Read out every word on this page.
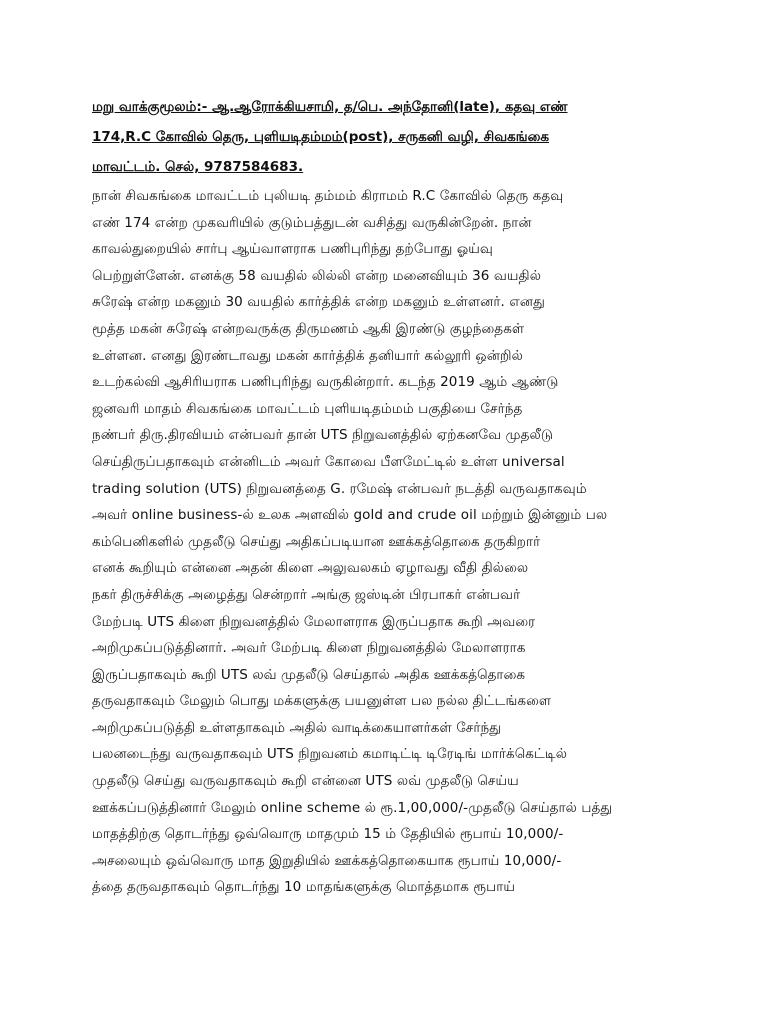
மறு வாக்குமூலம்:- ஆ.ஆரோக்கியசாமி, த/பெ. அந்தோனி(late), கதவு எண்
174,R.C கோவில் தெரு, புளியடிதம்மம்(post), சருகனி வழி, சிவகங்கை
மாவட்டம். செல், 9787584683.
நான் சிவகங்கை மாவட்டம் புலியடி தம்மம் கிராமம் R.C கோவில் தெரு கதவு
எண் 174 என்ற முகவரியில் குடும்பத்துடன் வசித்து வருகின்றேன். நான்
காவல்துறையில் சார்பு ஆய்வாளராக பணிபுரிந்து தற்போது ஓய்வு
பெற்றுள்ளேன். எனக்கு 58 வயதில் லில்லி என்ற மனைவியும் 36 வயதில்
சுரேஷ் என்ற மகனும் 30 வயதில் கார்த்திக் என்ற மகனும் உள்ளனர். எனது
மூத்த மகன் சுரேஷ் என்றவருக்கு திருமணம் ஆகி இரண்டு குழந்தைகள்
உள்ளன. எனது இரண்டாவது மகன் கார்த்திக் தனியார் கல்லூரி ஒன்றில்
உடற்கல்வி ஆசிரியராக பணிபுரிந்து வருகின்றார். கடந்த 2019 ஆம் ஆண்டு
ஜனவரி மாதம் சிவகங்கை மாவட்டம் புளியடிதம்மம் பகுதியை சேர்ந்த
நண்பர் திரு.திரவியம் என்பவர் தான் UTS நிறுவனத்தில் ஏற்கனவே முதலீடு
செய்திருப்பதாகவும் என்னிடம் அவர் கோவை பீளமேட்டில் உள்ள universal
trading solution (UTS) நிறுவனத்தை G. ரமேஷ் என்பவர் நடத்தி வருவதாகவும்
அவர் online business-ல் உலக அளவில் gold and crude oil மற்றும் இன்னும் பல
கம்பெனிகளில் முதலீடு செய்து அதிகப்படியான ஊக்கத்தொகை தருகிறார்
எனக் கூறியும் என்னை அதன் கிளை அலுவலகம் ஏழாவது வீதி தில்லை
நகர் திருச்சிக்கு அழைத்து சென்றார் அங்கு ஜஸ்டின் பிரபாகர் என்பவர்
மேற்படி UTS கிளை நிறுவனத்தில் மேலாளராக இருப்பதாக கூறி அவரை
அறிமுகப்படுத்தினார். அவர் மேற்படி கிளை நிறுவனத்தில் மேலாளராக
இருப்பதாகவும் கூறி UTS லவ் முதலீடு செய்தால் அதிக ஊக்கத்தொகை
தருவதாகவும் மேலும் பொது மக்களுக்கு பயனுள்ள பல நல்ல திட்டங்களை
அறிமுகப்படுத்தி உள்ளதாகவும் அதில் வாடிக்கையாளர்கள் சேர்ந்து
பலனடைந்து வருவதாகவும் UTS நிறுவனம் கமாடிட்டி டிரேடிங் மார்க்கெட்டில்
முதலீடு செய்து வருவதாகவும் கூறி என்னை UTS லவ் முதலீடு செய்ய
ஊக்கப்படுத்தினார் மேலும் online scheme ல் ரூ.1,00,000/-முதலீடு செய்தால் பத்து
மாதத்திற்கு தொடர்ந்து ஒவ்வொரு மாதமும் 15 ம் தேதியில் ரூபாய் 10,000/-
அசலையும் ஒவ்வொரு மாத இறுதியில் ஊக்கத்தொகையாக ரூபாய் 10,000/-
த்தை தருவதாகவும் தொடர்ந்து 10 மாதங்களுக்கு மொத்தமாக ரூபாய்
